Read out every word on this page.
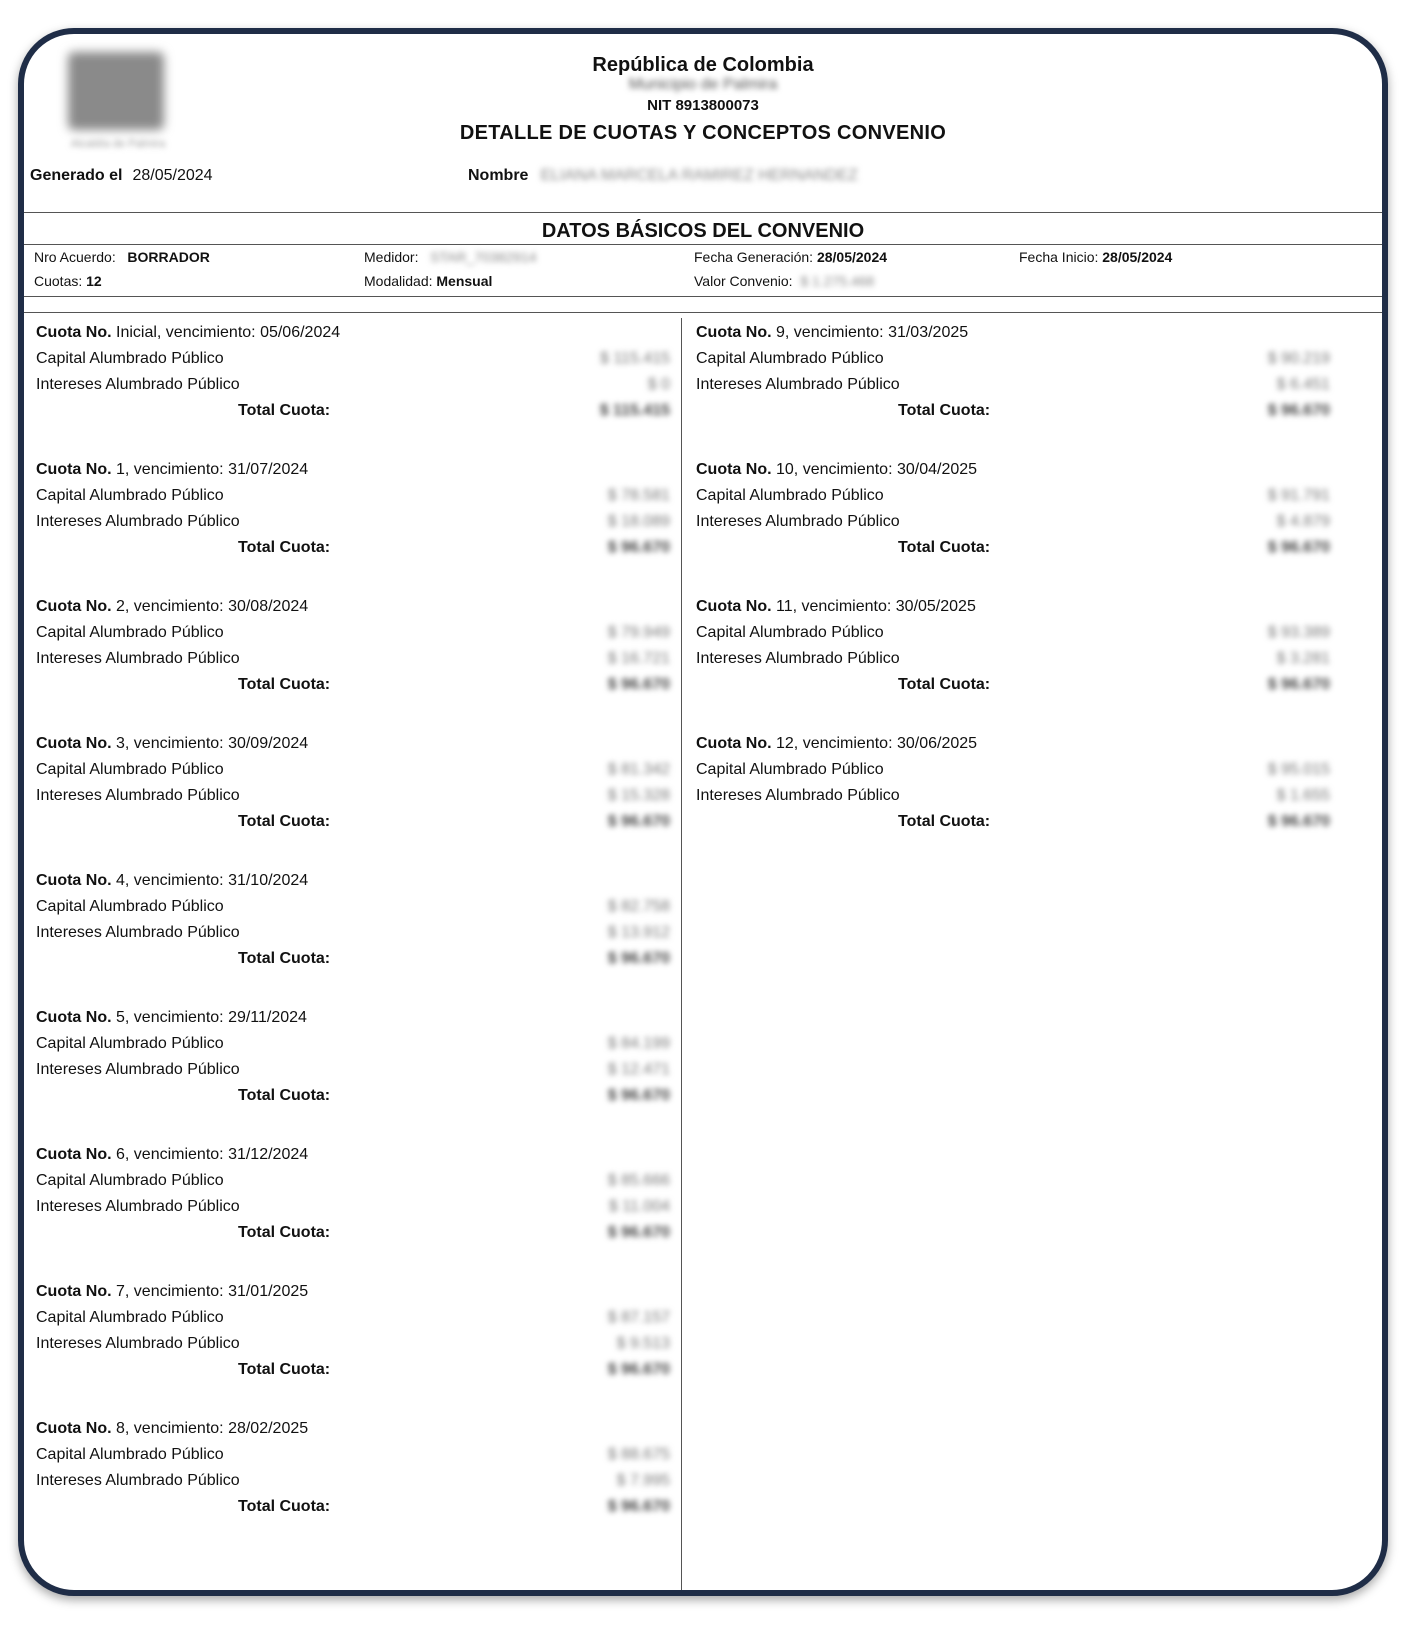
Alcaldía de Palmira
República de Colombia
Municipio de Palmira
NIT 8913800073
DETALLE DE CUOTAS Y CONCEPTOS CONVENIO
Generado el 28/05/2024	Nombre ELIANA MARCELA RAMIREZ HERNANDEZ
DATOS BÁSICOS DEL CONVENIO
Nro Acuerdo: BORRADOR	Medidor: STAR_70382914	Fecha Generación: 28/05/2024	Fecha Inicio: 28/05/2024
Cuotas: 12	Modalidad: Mensual	Valor Convenio: $ 1.275.468
Cuota No. Inicial, vencimiento: 05/06/2024
Capital Alumbrado Público	$ 115.415
Intereses Alumbrado Público	$ 0
Total Cuota:	$ 115.415
Cuota No. 1, vencimiento: 31/07/2024
Capital Alumbrado Público	$ 78.581
Intereses Alumbrado Público	$ 18.089
Total Cuota:	$ 96.670
Cuota No. 2, vencimiento: 30/08/2024
Capital Alumbrado Público	$ 79.949
Intereses Alumbrado Público	$ 16.721
Total Cuota:	$ 96.670
Cuota No. 3, vencimiento: 30/09/2024
Capital Alumbrado Público	$ 81.342
Intereses Alumbrado Público	$ 15.328
Total Cuota:	$ 96.670
Cuota No. 4, vencimiento: 31/10/2024
Capital Alumbrado Público	$ 82.758
Intereses Alumbrado Público	$ 13.912
Total Cuota:	$ 96.670
Cuota No. 5, vencimiento: 29/11/2024
Capital Alumbrado Público	$ 84.199
Intereses Alumbrado Público	$ 12.471
Total Cuota:	$ 96.670
Cuota No. 6, vencimiento: 31/12/2024
Capital Alumbrado Público	$ 85.666
Intereses Alumbrado Público	$ 11.004
Total Cuota:	$ 96.670
Cuota No. 7, vencimiento: 31/01/2025
Capital Alumbrado Público	$ 87.157
Intereses Alumbrado Público	$ 9.513
Total Cuota:	$ 96.670
Cuota No. 8, vencimiento: 28/02/2025
Capital Alumbrado Público	$ 88.675
Intereses Alumbrado Público	$ 7.995
Total Cuota:	$ 96.670
Cuota No. 9, vencimiento: 31/03/2025
Capital Alumbrado Público	$ 90.219
Intereses Alumbrado Público	$ 6.451
Total Cuota:	$ 96.670
Cuota No. 10, vencimiento: 30/04/2025
Capital Alumbrado Público	$ 91.791
Intereses Alumbrado Público	$ 4.879
Total Cuota:	$ 96.670
Cuota No. 11, vencimiento: 30/05/2025
Capital Alumbrado Público	$ 93.389
Intereses Alumbrado Público	$ 3.281
Total Cuota:	$ 96.670
Cuota No. 12, vencimiento: 30/06/2025
Capital Alumbrado Público	$ 95.015
Intereses Alumbrado Público	$ 1.655
Total Cuota:	$ 96.670
